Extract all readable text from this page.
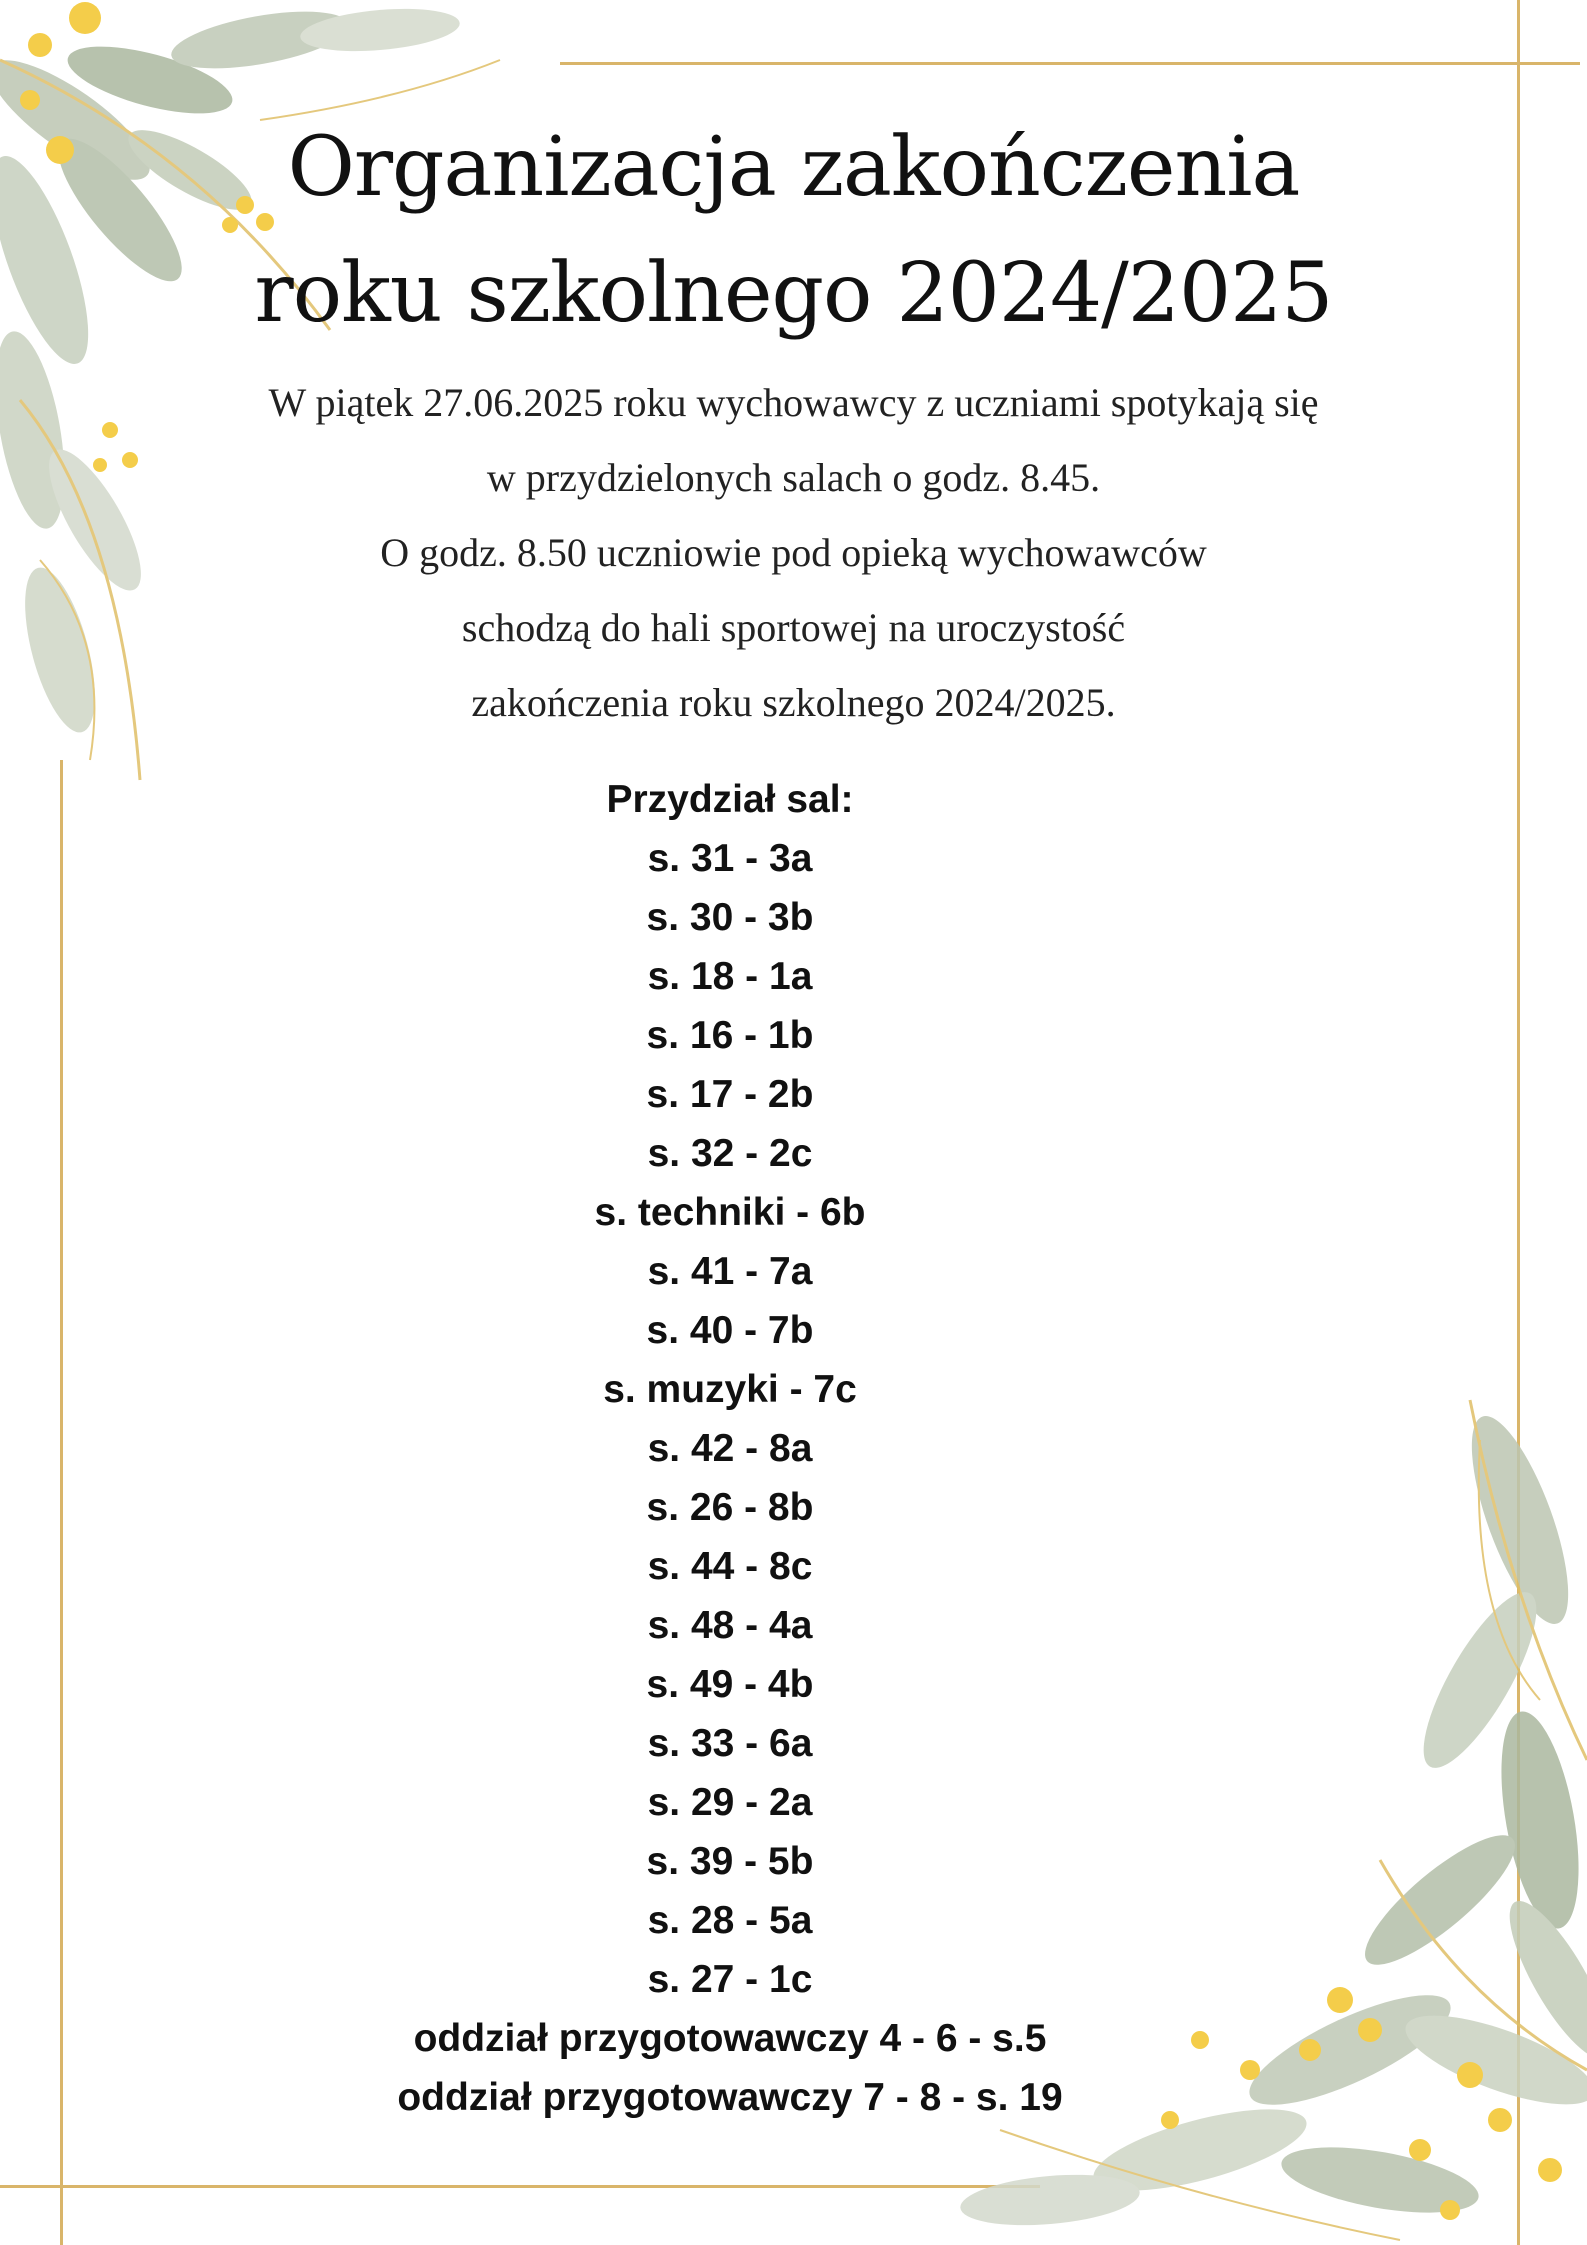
Organizacja zakończenia
roku szkolnego 2024/2025
W piątek 27.06.2025 roku wychowawcy z uczniami spotykają się
w przydzielonych salach o godz. 8.45.
O godz. 8.50 uczniowie pod opieką wychowawców
schodzą do hali sportowej na uroczystość
zakończenia roku szkolnego 2024/2025.
Przydział sal:
s. 31 - 3a
s. 30 - 3b
s. 18 - 1a
s. 16 - 1b
s. 17 - 2b
s. 32 - 2c
s. techniki - 6b
s. 41 - 7a
s. 40 - 7b
s. muzyki - 7c
s. 42 - 8a
s. 26 - 8b
s. 44 - 8c
s. 48 - 4a
s. 49 - 4b
s. 33 - 6a
s. 29 - 2a
s. 39 - 5b
s. 28 - 5a
s. 27 - 1c
oddział przygotowawczy 4 - 6 - s.5
oddział przygotowawczy 7 - 8 - s. 19
